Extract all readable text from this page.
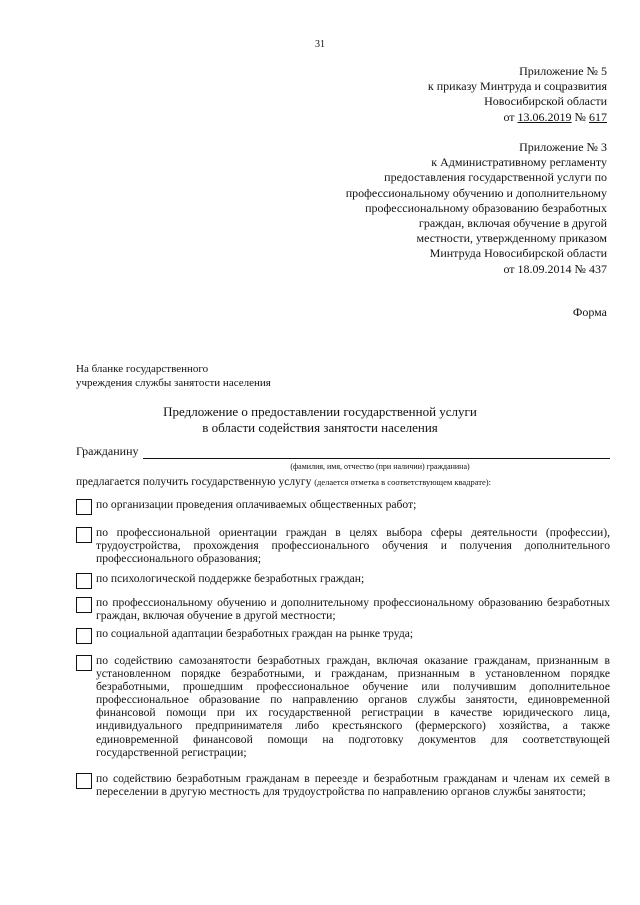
31
Приложение № 5
к приказу Минтруда и соцразвития
Новосибирской области
от 13.06.2019 № 617
Приложение № 3
к Административному регламенту
предоставления государственной услуги по
профессиональному обучению и дополнительному
профессиональному образованию безработных
граждан, включая обучение в другой
местности, утвержденному приказом
Минтруда Новосибирской области
от 18.09.2014 № 437
Форма
На бланке государственного
учреждения службы занятости населения
Предложение о предоставлении государственной услуги
в области содействия занятости населения
Гражданину
(фамилия, имя, отчество (при наличии) гражданина)
предлагается получить государственную услугу (делается отметка в соответствующем квадрате):
по организации проведения оплачиваемых общественных работ;
по профессиональной ориентации граждан в целях выбора сферы деятельности (профессии), трудоустройства, прохождения профессионального обучения и получения дополнительного профессионального образования;
по психологической поддержке безработных граждан;
по профессиональному обучению и дополнительному профессиональному образованию безработных граждан, включая обучение в другой местности;
по социальной адаптации безработных граждан на рынке труда;
по содействию самозанятости безработных граждан, включая оказание гражданам, признанным в установленном порядке безработными, и гражданам, признанным в установленном порядке безработными, прошедшим профессиональное обучение или получившим дополнительное профессиональное образование по направлению органов службы занятости, единовременной финансовой помощи при их государственной регистрации в качестве юридического лица, индивидуального предпринимателя либо крестьянского (фермерского) хозяйства, а также единовременной финансовой помощи на подготовку документов для соответствующей государственной регистрации;
по содействию безработным гражданам в переезде и безработным гражданам и членам их семей в переселении в другую местность для трудоустройства по направлению органов службы занятости;
